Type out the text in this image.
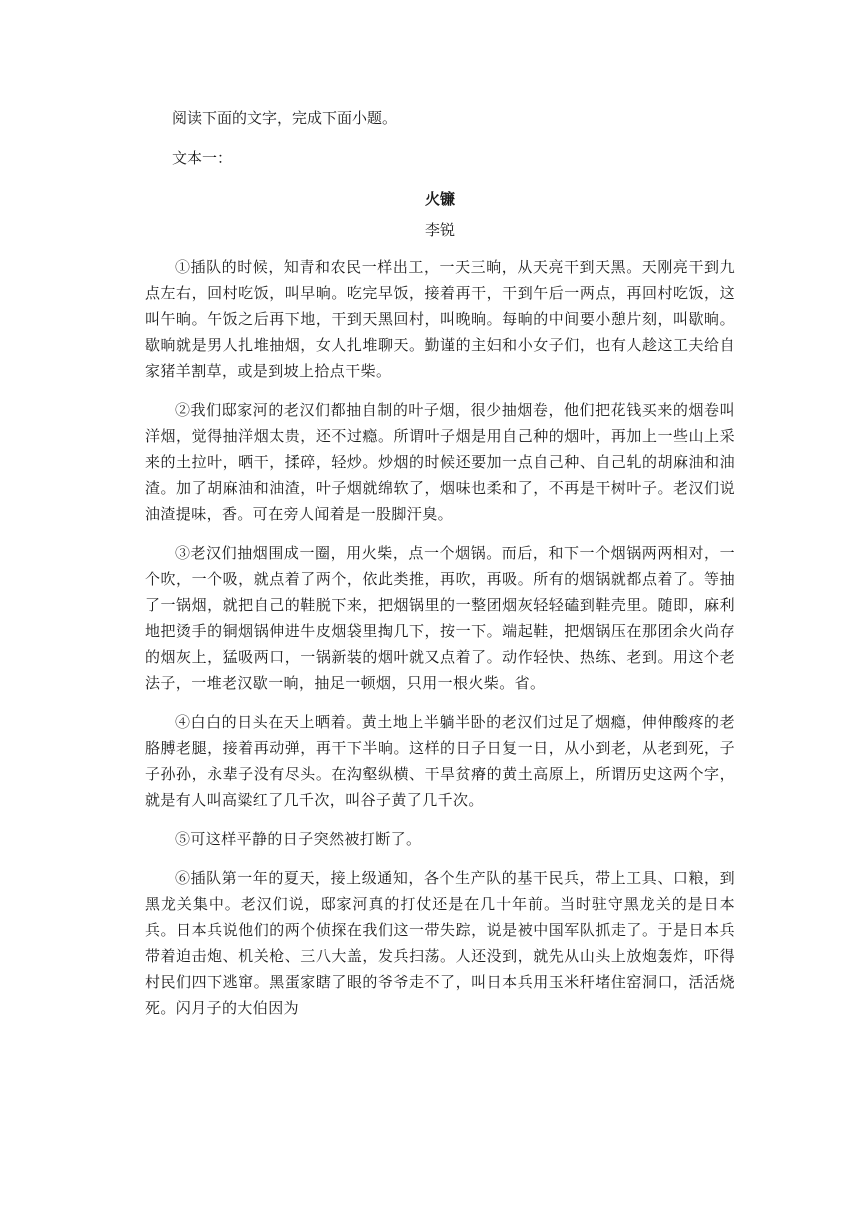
阅读下面的文字，完成下面小题。

文本一：

火镰

李锐

①插队的时候，知青和农民一样出工，一天三晌，从天亮干到天黑。天刚亮干到九点左右，回村吃饭，叫早晌。吃完早饭，接着再干，干到午后一两点，再回村吃饭，这叫午晌。午饭之后再下地，干到天黑回村，叫晚晌。每晌的中间要小憩片刻，叫歇晌。歇晌就是男人扎堆抽烟，女人扎堆聊天。勤谨的主妇和小女子们，也有人趁这工夫给自家猪羊割草，或是到坡上拾点干柴。

②我们邸家河的老汉们都抽自制的叶子烟，很少抽烟卷，他们把花钱买来的烟卷叫洋烟，觉得抽洋烟太贵，还不过瘾。所谓叶子烟是用自己种的烟叶，再加上一些山上采来的土拉叶，晒干，揉碎，轻炒。炒烟的时候还要加一点自己种、自己轧的胡麻油和油渣。加了胡麻油和油渣，叶子烟就绵软了，烟味也柔和了，不再是干树叶子。老汉们说油渣提味，香。可在旁人闻着是一股脚汗臭。

③老汉们抽烟围成一圈，用火柴，点一个烟锅。而后，和下一个烟锅两两相对，一个吹，一个吸，就点着了两个，依此类推，再吹，再吸。所有的烟锅就都点着了。等抽了一锅烟，就把自己的鞋脱下来，把烟锅里的一整团烟灰轻轻磕到鞋壳里。随即，麻利地把烫手的铜烟锅伸进牛皮烟袋里掏几下，按一下。端起鞋，把烟锅压在那团余火尚存的烟灰上，猛吸两口，一锅新装的烟叶就又点着了。动作轻快、热练、老到。用这个老法子，一堆老汉歇一晌，抽足一顿烟，只用一根火柴。省。

④白白的日头在天上晒着。黄土地上半躺半卧的老汉们过足了烟瘾，伸伸酸疼的老胳膊老腿，接着再动弹，再干下半晌。这样的日子日复一日，从小到老，从老到死，子子孙孙，永辈子没有尽头。在沟壑纵横、干旱贫瘠的黄土高原上，所谓历史这两个字，就是有人叫高粱红了几千次，叫谷子黄了几千次。

⑤可这样平静的日子突然被打断了。

⑥插队第一年的夏天，接上级通知，各个生产队的基干民兵，带上工具、口粮，到黑龙关集中。老汉们说，邸家河真的打仗还是在几十年前。当时驻守黑龙关的是日本兵。日本兵说他们的两个侦探在我们这一带失踪，说是被中国军队抓走了。于是日本兵带着迫击炮、机关枪、三八大盖，发兵扫荡。人还没到，就先从山头上放炮轰炸，吓得村民们四下逃窜。黑蛋家瞎了眼的爷爷走不了，叫日本兵用玉米秆堵住窑洞口，活活烧死。闪月子的大伯因为
